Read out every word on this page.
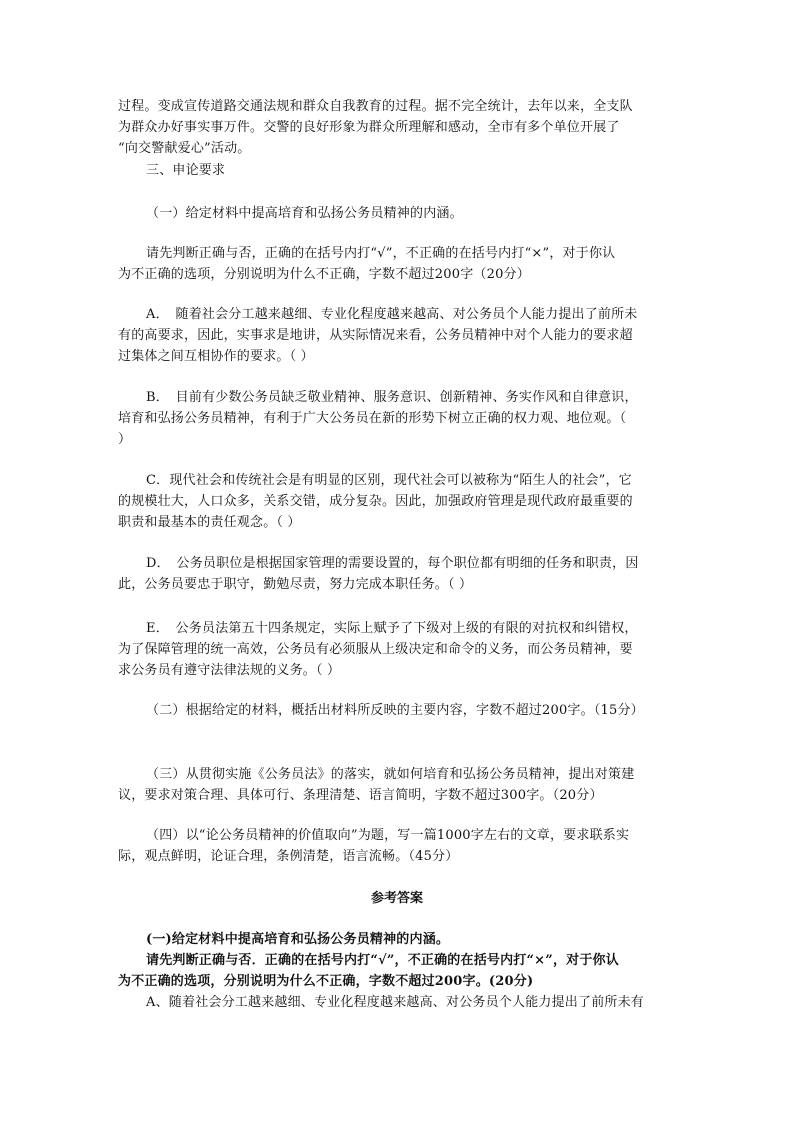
过程。变成宣传道路交通法规和群众自我教育的过程。据不完全统计，去年以来，全支队
为群众办好事实事万件。交警的良好形象为群众所理解和感动，全市有多个单位开展了
“向交警献爱心”活动。
三、申论要求
（一）给定材料中提高培育和弘扬公务员精神的内涵。
请先判断正确与否，正确的在括号内打“√”，不正确的在括号内打“×”，对于你认
为不正确的选项，分别说明为什么不正确，字数不超过200字（20分）
A．　随着社会分工越来越细、专业化程度越来越高、对公务员个人能力提出了前所未
有的高要求，因此，实事求是地讲，从实际情况来看，公务员精神中对个人能力的要求超
过集体之间互相协作的要求。（ ）
B．　目前有少数公务员缺乏敬业精神、服务意识、创新精神、务实作风和自律意识，
培育和弘扬公务员精神，有利于广大公务员在新的形势下树立正确的权力观、地位观。（
）
C．现代社会和传统社会是有明显的区别，现代社会可以被称为“陌生人的社会”，它
的规模壮大，人口众多，关系交错，成分复杂。因此，加强政府管理是现代政府最重要的
职责和最基本的责任观念。（ ）
D．　公务员职位是根据国家管理的需要设置的，每个职位都有明细的任务和职责，因
此，公务员要忠于职守，勤勉尽责，努力完成本职任务。（ ）
E．　公务员法第五十四条规定，实际上赋予了下级对上级的有限的对抗权和纠错权，
为了保障管理的统一高效，公务员有必须服从上级决定和命令的义务，而公务员精神，要
求公务员有遵守法律法规的义务。（ ）
（二）根据给定的材料，概括出材料所反映的主要内容，字数不超过200字。（15分）
（三）从贯彻实施《公务员法》的落实，就如何培育和弘扬公务员精神，提出对策建
议，要求对策合理、具体可行、条理清楚、语言简明，字数不超过300字。（20分）
（四）以“论公务员精神的价值取向”为题，写一篇1000字左右的文章，要求联系实
际，观点鲜明，论证合理，条例清楚，语言流畅。（45分）
参考答案
(一)给定材料中提高培育和弘扬公务员精神的内涵。
请先判断正确与否．正确的在括号内打“√”，不正确的在括号内打“×”，对于你认
为不正确的选项，分别说明为什么不正确，字数不超过200字。(20分)
A、随着社会分工越来越细、专业化程度越来越高、对公务员个人能力提出了前所未有
